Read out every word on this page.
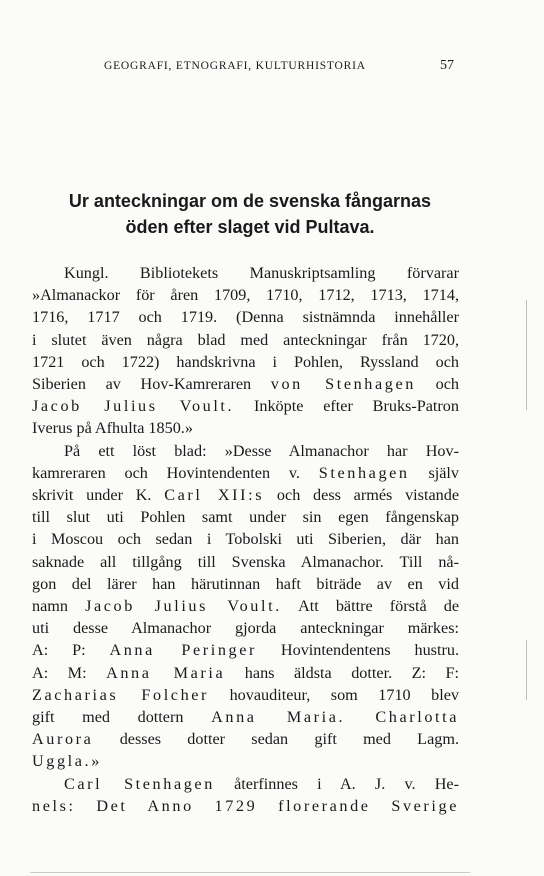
GEOGRAFI, ETNOGRAFI, KULTURHISTORIA	57
Ur anteckningar om de svenska fångarnas
öden efter slaget vid Pultava.
Kungl. Bibliotekets Manuskriptsamling förvarar
»Almanackor för åren 1709, 1710, 1712, 1713, 1714,
1716, 1717 och 1719. (Denna sistnämnda innehåller
i slutet även några blad med anteckningar från 1720,
1721 och 1722) handskrivna i Pohlen, Ryssland och
Siberien av Hov-Kamreraren von Stenhagen och
Jacob Julius Voult. Inköpte efter Bruks-Patron
Iverus på Afhulta 1850.»
På ett löst blad: »Desse Almanachor har Hov-
kamreraren och Hovintendenten v. Stenhagen själv
skrivit under K. Carl XII:s och dess armés vistande
till slut uti Pohlen samt under sin egen fångenskap
i Moscou och sedan i Tobolski uti Siberien, där han
saknade all tillgång till Svenska Almanachor. Till nå-
gon del lärer han härutinnan haft biträde av en vid
namn Jacob Julius Voult. Att bättre förstå de
uti desse Almanachor gjorda anteckningar märkes:
A: P: Anna Peringer Hovintendentens hustru.
A: M: Anna Maria hans äldsta dotter. Z: F:
Zacharias Folcher hovauditeur, som 1710 blev
gift med dottern Anna Maria. Charlotta
Aurora desses dotter sedan gift med Lagm.
Uggla.»
Carl Stenhagen återfinnes i A. J. v. He-
nels: Det Anno 1729 florerande Sverige
